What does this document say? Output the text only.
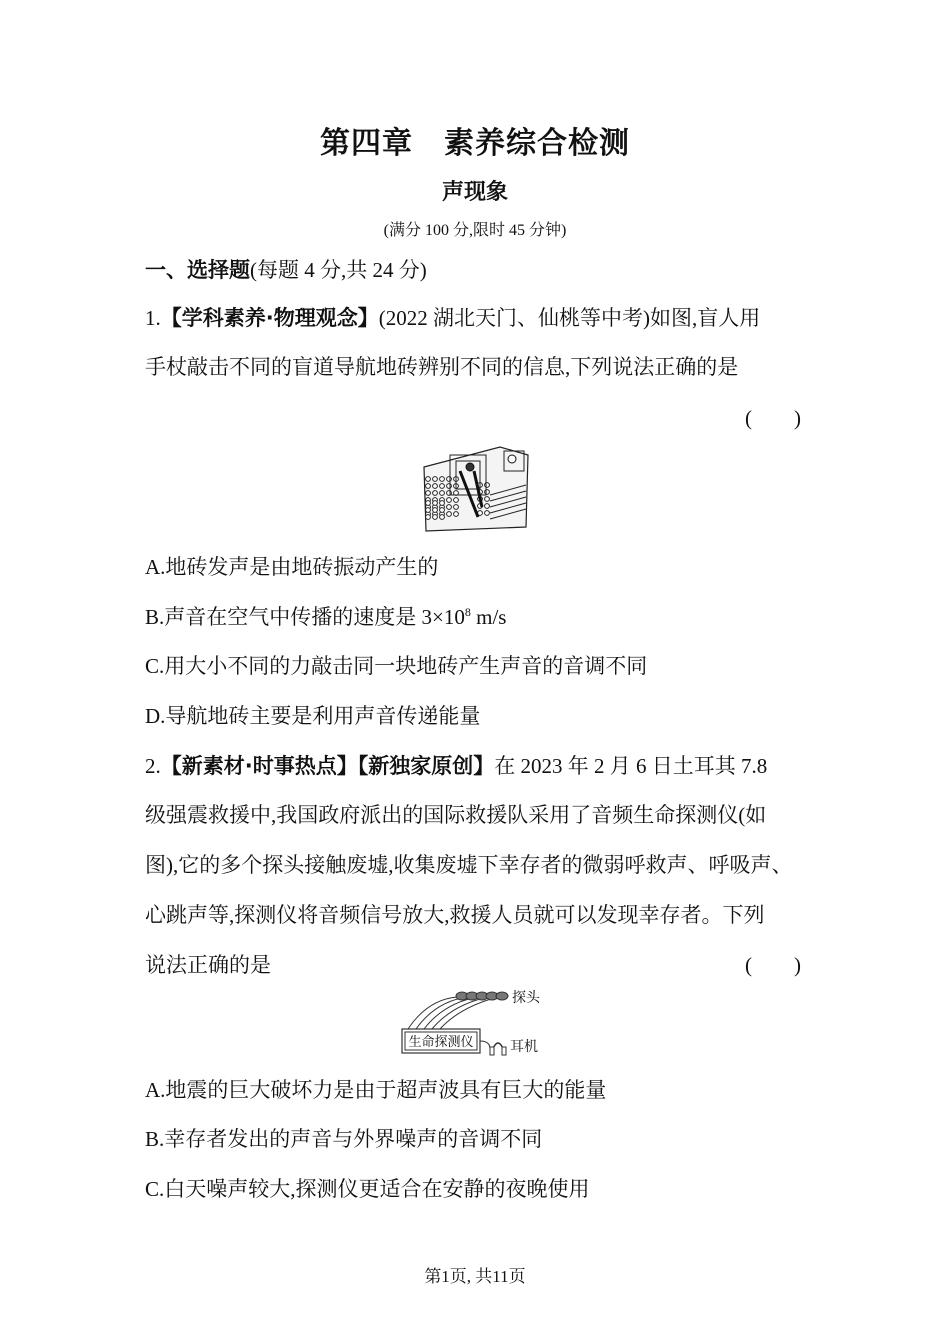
第四章　素养综合检测
声现象
(满分 100 分,限时 45 分钟)
一、选择题(每题 4 分,共 24 分)
1.【学科素养·物理观念】(2022 湖北天门、仙桃等中考)如图,盲人用
手杖敲击不同的盲道导航地砖辨别不同的信息,下列说法正确的是
(　　)
A.地砖发声是由地砖振动产生的
B.声音在空气中传播的速度是 $3\times 10^8$ m/s
C.用大小不同的力敲击同一块地砖产生声音的音调不同
D.导航地砖主要是利用声音传递能量
2.【新素材·时事热点】【新独家原创】在 2023 年 2 月 6 日土耳其 7.8
级强震救援中,我国政府派出的国际救援队采用了音频生命探测仪(如
图),它的多个探头接触废墟,收集废墟下幸存者的微弱呼救声、呼吸声、
心跳声等,探测仪将音频信号放大,救援人员就可以发现幸存者。下列
说法正确的是	(　　)
探头
生命探测仪	耳机
A.地震的巨大破坏力是由于超声波具有巨大的能量
B.幸存者发出的声音与外界噪声的音调不同
C.白天噪声较大,探测仪更适合在安静的夜晚使用
第1页, 共11页
